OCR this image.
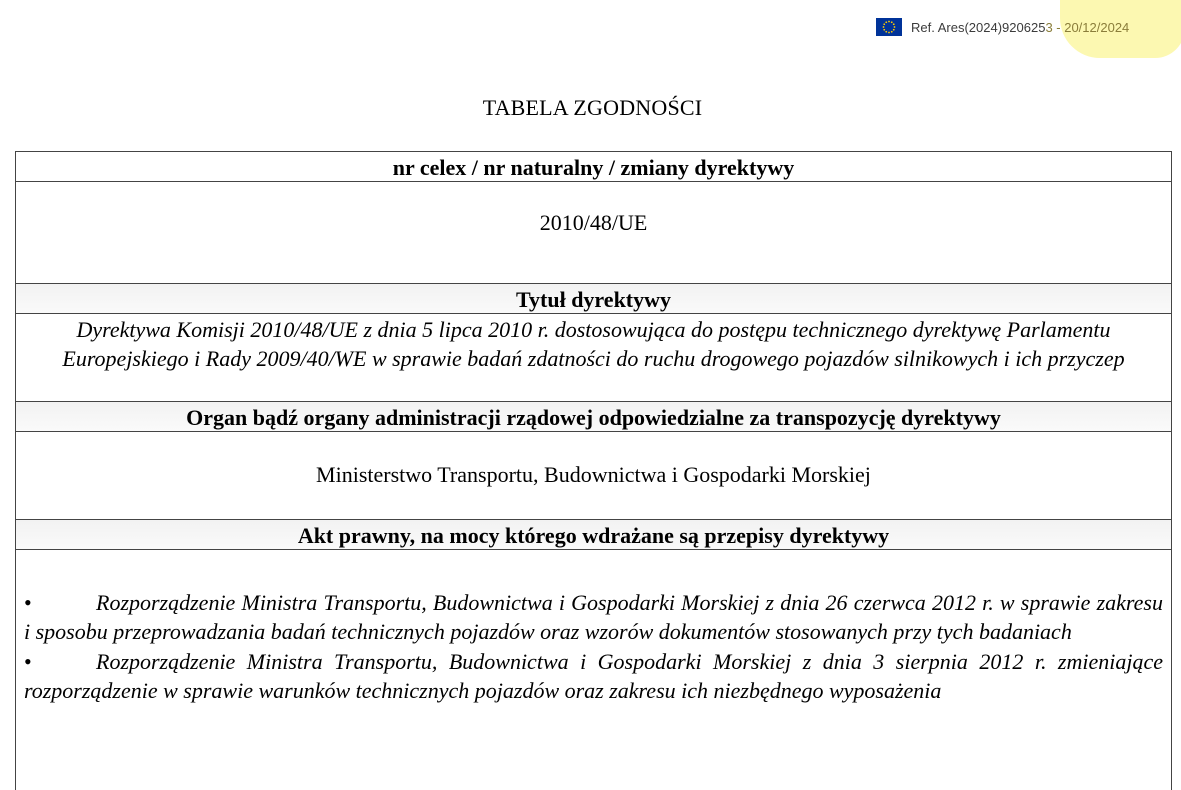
Ref. Ares(2024)920625 3 - 20/12/2024
TABELA ZGODNOŚCI
nr celex / nr naturalny / zmiany dyrektywy
2010/48/UE
Tytuł dyrektywy
Dyrektywa Komisji 2010/48/UE z dnia 5 lipca 2010 r. dostosowująca do postępu technicznego dyrektywę Parlamentu Europejskiego i Rady 2009/40/WE w sprawie badań zdatności do ruchu drogowego pojazdów silnikowych i ich przyczep
Organ bądź organy administracji rządowej odpowiedzialne za transpozycję dyrektywy
Ministerstwo Transportu, Budownictwa i Gospodarki Morskiej
Akt prawny, na mocy którego wdrażane są przepisy dyrektywy
•	Rozporządzenie Ministra Transportu, Budownictwa i Gospodarki Morskiej z dnia 26 czerwca 2012 r. w sprawie zakresu i sposobu przeprowadzania badań technicznych pojazdów oraz wzorów dokumentów stosowanych przy tych badaniach
•	Rozporządzenie Ministra Transportu, Budownictwa i Gospodarki Morskiej z dnia 3 sierpnia 2012 r. zmieniające rozporządzenie w sprawie warunków technicznych pojazdów oraz zakresu ich niezbędnego wyposażenia
